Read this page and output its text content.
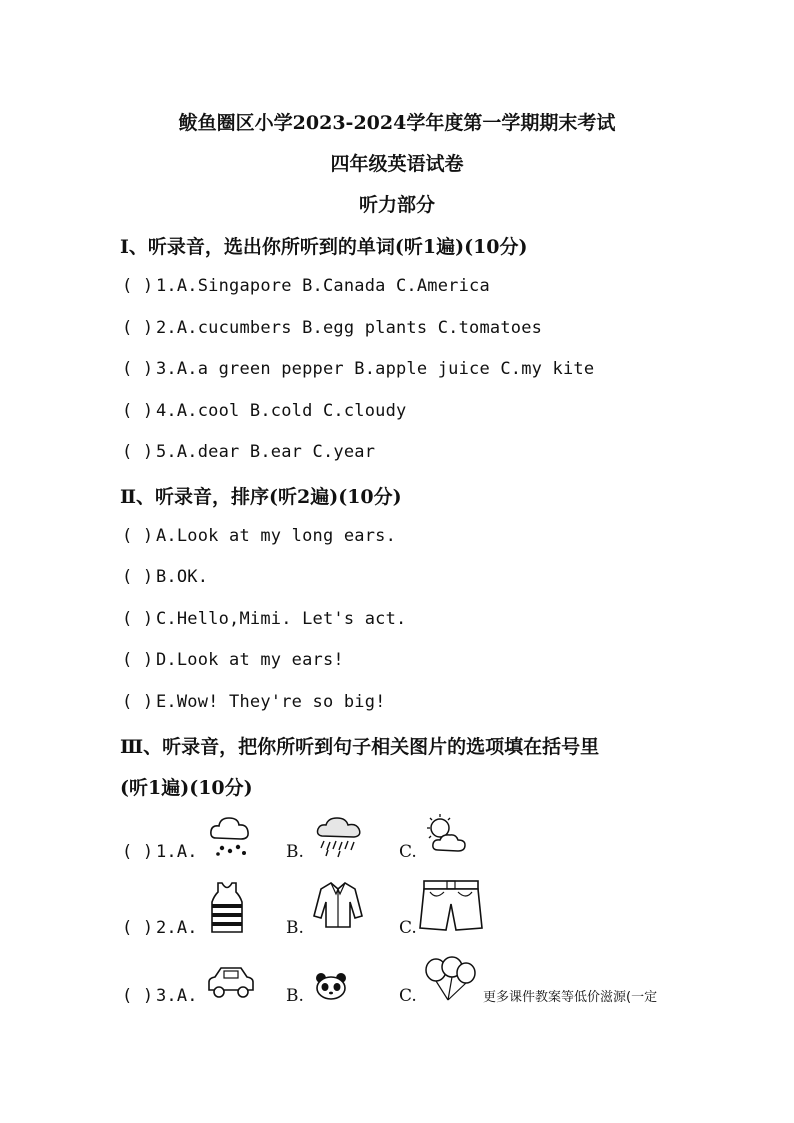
鲅鱼圈区小学2023-2024学年度第一学期期末考试
四年级英语试卷
听力部分
I、听录音，选出你所听到的单词(听1遍)(10分)
( ) 1.A.Singapore B.Canada C.America
( ) 2.A.cucumbers B.egg plants C.tomatoes
( ) 3.A.a green pepper B.apple juice C.my kite
( ) 4.A.cool B.cold C.cloudy
( ) 5.A.dear B.ear C.year
Ⅱ、听录音，排序(听2遍)(10分)
( ) A.Look at my long ears.
( ) B.OK.
( ) C.Hello,Mimi. Let's act.
( ) D.Look at my ears!
( ) E.Wow! They're so big!
Ⅲ、听录音，把你所听到句子相关图片的选项填在括号里
(听1遍)(10分)
( ) 1.A.	B.	C.
( ) 2.A.	B.	C.
( ) 3.A.	B.	C.	更多课件教案等低价滋源(一定
